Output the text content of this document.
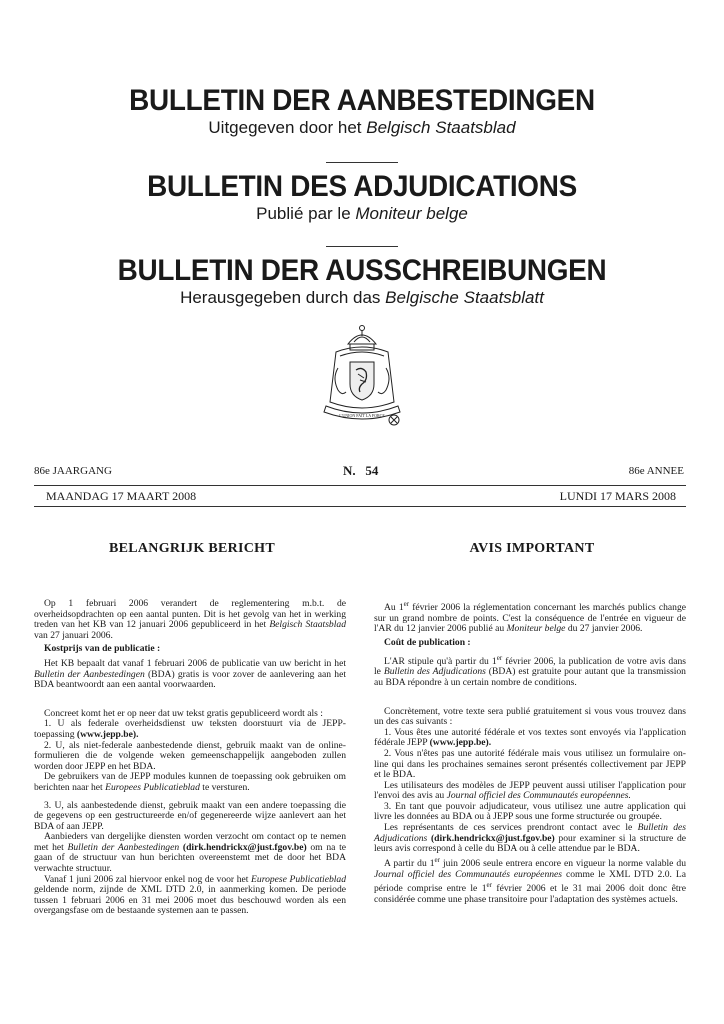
BULLETIN DER AANBESTEDINGEN
Uitgegeven door het Belgisch Staatsblad
BULLETIN DES ADJUDICATIONS
Publié par le Moniteur belge
BULLETIN DER AUSSCHREIBUNGEN
Herausgegeben durch das Belgische Staatsblatt
L'UNION FAIT LA FORCE
86e JAARGANG	N.   54	86e ANNEE
MAANDAG 17 MAART 2008	LUNDI 17 MARS 2008
BELANGRIJK BERICHT	AVIS IMPORTANT

Op 1 februari 2006 verandert de reglementering m.b.t. de overheidsopdrachten op een aantal punten. Dit is het gevolg van het in werking treden van het KB van 12 januari 2006 gepubliceerd in het Belgisch Staatsblad van 27 januari 2006.

Kostprijs van de publicatie :

Het KB bepaalt dat vanaf 1 februari 2006 de publicatie van uw bericht in het Bulletin der Aanbestedingen (BDA) gratis is voor zover de aanlevering aan het BDA beantwoordt aan een aantal voorwaarden.

Concreet komt het er op neer dat uw tekst gratis gepubliceerd wordt als :

1. U als federale overheidsdienst uw teksten doorstuurt via de JEPP-toepassing (www.jepp.be).

2. U, als niet-federale aanbestedende dienst, gebruik maakt van de online-formulieren die de volgende weken gemeenschappelijk aangeboden zullen worden door JEPP en het BDA.

De gebruikers van de JEPP modules kunnen de toepassing ook gebruiken om berichten naar het Europees Publicatieblad te versturen.

3. U, als aanbestedende dienst, gebruik maakt van een andere toepassing die de gegevens op een gestructureerde en/of gegenereerde wijze aanlevert aan het BDA of aan JEPP.

Aanbieders van dergelijke diensten worden verzocht om contact op te nemen met het Bulletin der Aanbestedingen (dirk.hendrickx@just.fgov.be) om na te gaan of de structuur van hun berichten overeenstemt met de door het BDA verwachte structuur.

Vanaf 1 juni 2006 zal hiervoor enkel nog de voor het Europese Publicatieblad geldende norm, zijnde de XML DTD 2.0, in aanmerking komen. De periode tussen 1 februari 2006 en 31 mei 2006 moet dus beschouwd worden als een overgangsfase om de bestaande systemen aan te passen.

Au 1er février 2006 la réglementation concernant les marchés publics change sur un grand nombre de points. C'est la conséquence de l'entrée en vigueur de l'AR du 12 janvier 2006 publié au Moniteur belge du 27 janvier 2006.

Coût de publication :

L'AR stipule qu'à partir du 1er février 2006, la publication de votre avis dans le Bulletin des Adjudications (BDA) est gratuite pour autant que la transmission au BDA répondre à un certain nombre de conditions.

Concrètement, votre texte sera publié gratuitement si vous vous trouvez dans un des cas suivants :

1. Vous êtes une autorité fédérale et vos textes sont envoyés via l'application fédérale JEPP (www.jepp.be).

2. Vous n'êtes pas une autorité fédérale mais vous utilisez un formulaire on-line qui dans les prochaines semaines seront présentés collectivement par JEPP et le BDA.

Les utilisateurs des modèles de JEPP peuvent aussi utiliser l'application pour l'envoi des avis au Journal officiel des Communautés européennes.

3. En tant que pouvoir adjudicateur, vous utilisez une autre application qui livre les données au BDA ou à JEPP sous une forme structurée ou groupée.

Les représentants de ces services prendront contact avec le Bulletin des Adjudications (dirk.hendrickx@just.fgov.be) pour examiner si la structure de leurs avis correspond à celle du BDA ou à celle attendue par le BDA.

A partir du 1er juin 2006 seule entrera encore en vigueur la norme valable du Journal officiel des Communautés européennes comme le XML DTD 2.0. La période comprise entre le 1er février 2006 et le 31 mai 2006 doit donc être considérée comme une phase transitoire pour l'adaptation des systèmes actuels.
